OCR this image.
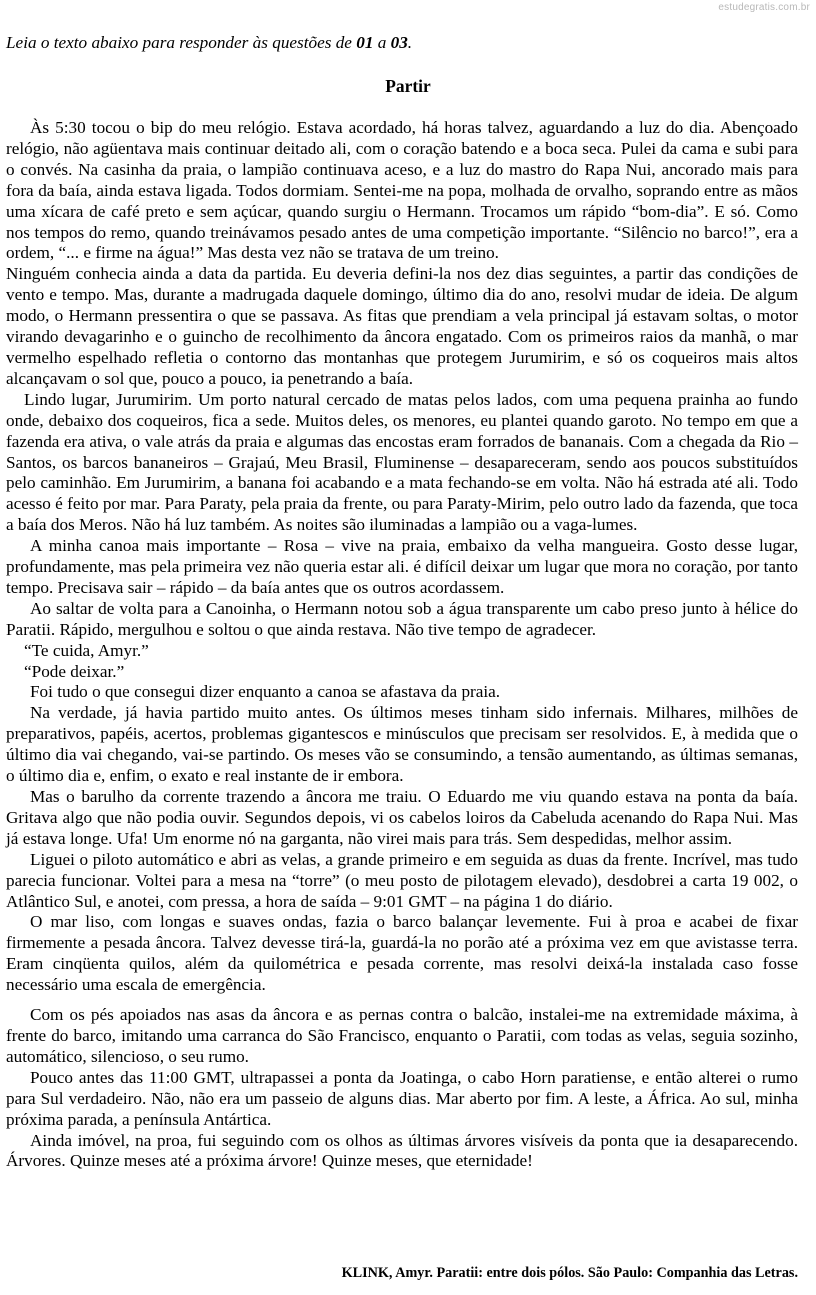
estudegratis.com.br
Leia o texto abaixo para responder às questões de 01 a 03.
Partir

Às 5:30 tocou o bip do meu relógio. Estava acordado, há horas talvez, aguardando a luz do dia. Abençoado relógio, não agüentava mais continuar deitado ali, com o coração batendo e a boca seca. Pulei da cama e subi para o convés. Na casinha da praia, o lampião continuava aceso, e a luz do mastro do Rapa Nui, ancorado mais para fora da baía, ainda estava ligada. Todos dormiam. Sentei-me na popa, molhada de orvalho, soprando entre as mãos uma xícara de café preto e sem açúcar, quando surgiu o Hermann. Trocamos um rápido “bom-dia”. E só. Como nos tempos do remo, quando treinávamos pesado antes de uma competição importante. “Silêncio no barco!”, era a ordem, “... e firme na água!” Mas desta vez não se tratava de um treino.

Ninguém conhecia ainda a data da partida. Eu deveria defini-la nos dez dias seguintes, a partir das condições de vento e tempo. Mas, durante a madrugada daquele domingo, último dia do ano, resolvi mudar de ideia. De algum modo, o Hermann pressentira o que se passava. As fitas que prendiam a vela principal já estavam soltas, o motor virando devagarinho e o guincho de recolhimento da âncora engatado. Com os primeiros raios da manhã, o mar vermelho espelhado refletia o contorno das montanhas que protegem Jurumirim, e só os coqueiros mais altos alcançavam o sol que, pouco a pouco, ia penetrando a baía.

Lindo lugar, Jurumirim. Um porto natural cercado de matas pelos lados, com uma pequena prainha ao fundo onde, debaixo dos coqueiros, fica a sede. Muitos deles, os menores, eu plantei quando garoto. No tempo em que a fazenda era ativa, o vale atrás da praia e algumas das encostas eram forrados de bananais. Com a chegada da Rio – Santos, os barcos bananeiros – Grajaú, Meu Brasil, Fluminense – desapareceram, sendo aos poucos substituídos pelo caminhão. Em Jurumirim, a banana foi acabando e a mata fechando-se em volta. Não há estrada até ali. Todo acesso é feito por mar. Para Paraty, pela praia da frente, ou para Paraty-Mirim, pelo outro lado da fazenda, que toca a baía dos Meros. Não há luz também. As noites são iluminadas a lampião ou a vaga-lumes.

A minha canoa mais importante – Rosa – vive na praia, embaixo da velha mangueira. Gosto desse lugar, profundamente, mas pela primeira vez não queria estar ali. é difícil deixar um lugar que mora no coração, por tanto tempo. Precisava sair – rápido – da baía antes que os outros acordassem.

Ao saltar de volta para a Canoinha, o Hermann notou sob a água transparente um cabo preso junto à hélice do Paratii. Rápido, mergulhou e soltou o que ainda restava. Não tive tempo de agradecer.

“Te cuida, Amyr.”

“Pode deixar.”

Foi tudo o que consegui dizer enquanto a canoa se afastava da praia.

Na verdade, já havia partido muito antes. Os últimos meses tinham sido infernais. Milhares, milhões de preparativos, papéis, acertos, problemas gigantescos e minúsculos que precisam ser resolvidos. E, à medida que o último dia vai chegando, vai-se partindo. Os meses vão se consumindo, a tensão aumentando, as últimas semanas, o último dia e, enfim, o exato e real instante de ir embora.

Mas o barulho da corrente trazendo a âncora me traiu. O Eduardo me viu quando estava na ponta da baía. Gritava algo que não podia ouvir. Segundos depois, vi os cabelos loiros da Cabeluda acenando do Rapa Nui. Mas já estava longe. Ufa! Um enorme nó na garganta, não virei mais para trás. Sem despedidas, melhor assim.

Liguei o piloto automático e abri as velas, a grande primeiro e em seguida as duas da frente. Incrível, mas tudo parecia funcionar. Voltei para a mesa na “torre” (o meu posto de pilotagem elevado), desdobrei a carta 19 002, o Atlântico Sul, e anotei, com pressa, a hora de saída – 9:01 GMT – na página 1 do diário.

O mar liso, com longas e suaves ondas, fazia o barco balançar levemente. Fui à proa e acabei de fixar firmemente a pesada âncora. Talvez devesse tirá-la, guardá-la no porão até a próxima vez em que avistasse terra. Eram cinqüenta quilos, além da quilométrica e pesada corrente, mas resolvi deixá-la instalada caso fosse necessário uma escala de emergência.

Com os pés apoiados nas asas da âncora e as pernas contra o balcão, instalei-me na extremidade máxima, à frente do barco, imitando uma carranca do São Francisco, enquanto o Paratii, com todas as velas, seguia sozinho, automático, silencioso, o seu rumo.

Pouco antes das 11:00 GMT, ultrapassei a ponta da Joatinga, o cabo Horn paratiense, e então alterei o rumo para Sul verdadeiro. Não, não era um passeio de alguns dias. Mar aberto por fim. A leste, a África. Ao sul, minha próxima parada, a península Antártica.

Ainda imóvel, na proa, fui seguindo com os olhos as últimas árvores visíveis da ponta que ia desaparecendo. Árvores. Quinze meses até a próxima árvore! Quinze meses, que eternidade!

KLINK, Amyr. Paratii: entre dois pólos. São Paulo: Companhia das Letras.
